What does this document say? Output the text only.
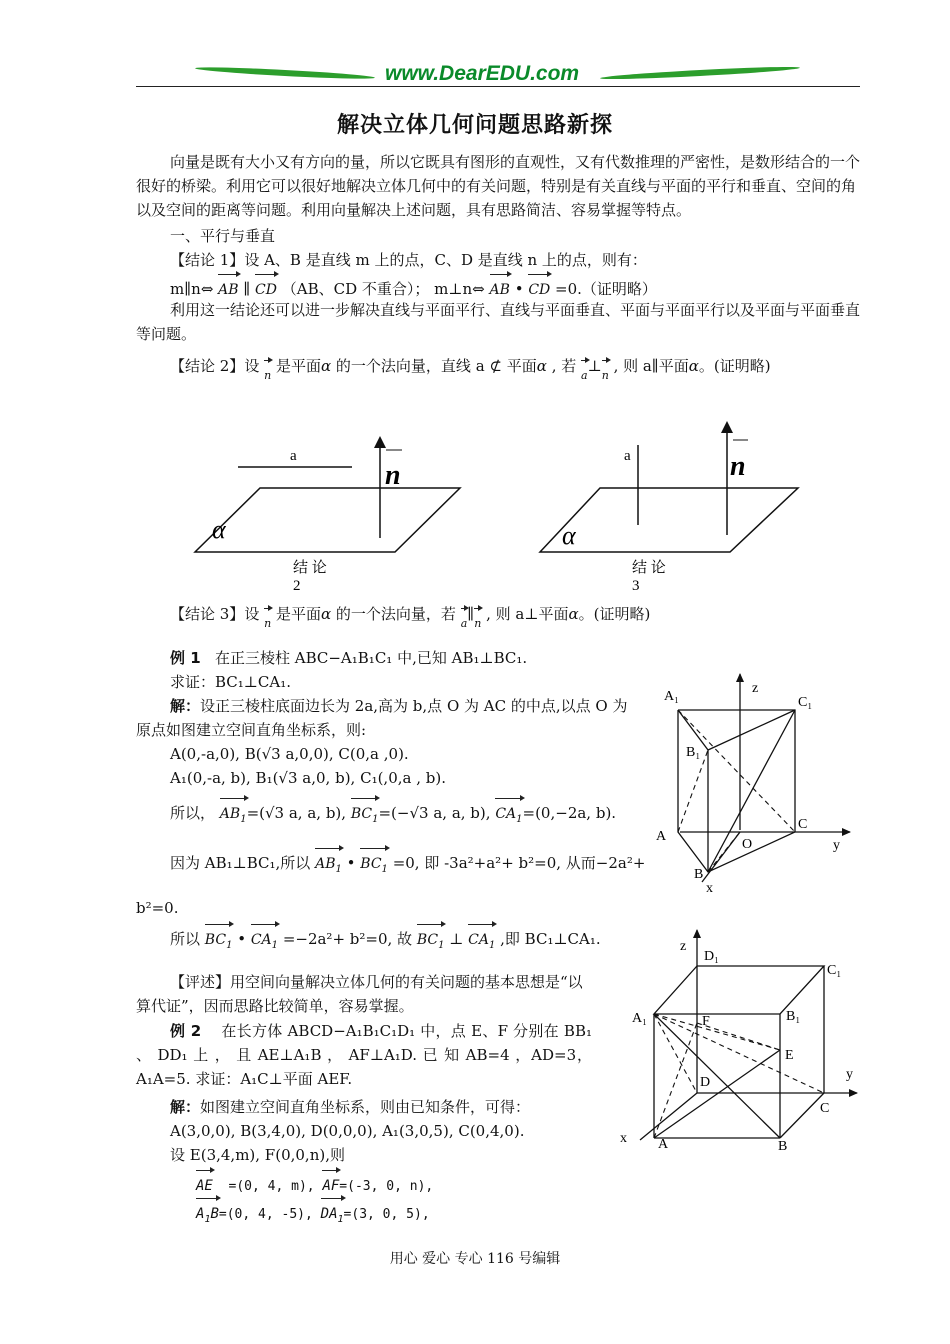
www.DearEDU.com
解决立体几何问题思路新探
向量是既有大小又有方向的量，所以它既具有图形的直观性，又有代数推理的严密性，是数形结合的一个很好的桥梁。利用它可以很好地解决立体几何中的有关问题，特别是有关直线与平面的平行和垂直、空间的角以及空间的距离等问题。利用向量解决上述问题，具有思路简洁、容易掌握等特点。
一、平行与垂直
【结论 1】设 A、B 是直线 m 上的点，C、D 是直线 n 上的点，则有：
m∥n⇔ AB ∥ CD （AB、CD 不重合）； m⊥n⇔ AB • CD =0.（证明略）
利用这一结论还可以进一步解决直线与平面平行、直线与平面垂直、平面与平面平行以及平面与平面垂直等问题。
【结论 2】设 n 是平面α 的一个法向量，直线 a ⊄ 平面α , 若 a⊥n , 则 a∥平面α。(证明略)
a
n
α
结 论
2
a	n
α
结 论
3
【结论 3】设 n 是平面α 的一个法向量，若 a∥n , 则 a⊥平面α。(证明略)
例 1 在正三棱柱 ABC−A₁B₁C₁ 中,已知 AB₁⊥BC₁.
求证：BC₁⊥CA₁.
解：设正三棱柱底面边长为 2a,高为 b,点 O 为 AC 的中点,以点 O 为原点如图建立空间直角坐标系，则:
A(0,-a,0), B(√3 a,0,0), C(0,a ,0).
A₁(0,-a, b), B₁(√3 a,0, b), C₁(,0,a , b).
所以， $AB_1=(√3$ a, a, b), $BC_1=(-√3$ a, a, b), $CA_1=(0,-2a$, b).
因为 AB₁⊥BC₁,所以 $AB_1$ • $BC_1 =0$, 即 -3a²+a²+ b²=0, 从而−2a²+
b²=0.
所以 $BC_1$ • $CA_1 =-2a^2+ b^2=0$, 故 $BC_1$ ⊥ $CA_1$ ,即 BC₁⊥CA₁.
A₁
z
C₁
B₁
A
C
O	y
B
x
【评述】用空间向量解决立体几何的有关问题的基本思想是“以算代证”，因而思路比较简单，容易掌握。
例 2 在长方体 ABCD−A₁B₁C₁D₁ 中，点 E、F 分别在 BB₁ 、 DD₁ 上 ， 且 AE⊥A₁B ， AF⊥A₁D. 已 知 AB=4 ，AD=3，A₁A=5. 求证：A₁C⊥平面 AEF.
解：如图建立空间直角坐标系，则由已知条件，可得：
A(3,0,0), B(3,4,0), D(0,0,0), A₁(3,0,5), C(0,4,0).
设 E(3,4,m), F(0,0,n),则
AE =(0, 4, m), AF=(-3, 0, n),
$A_1B=(0$, 4, -5), $DA_1=(3$, 0, 5),
z
D₁
C₁
A₁	F	B₁
E
y
D
C
x A	B
用心 爱心 专心 116 号编辑
